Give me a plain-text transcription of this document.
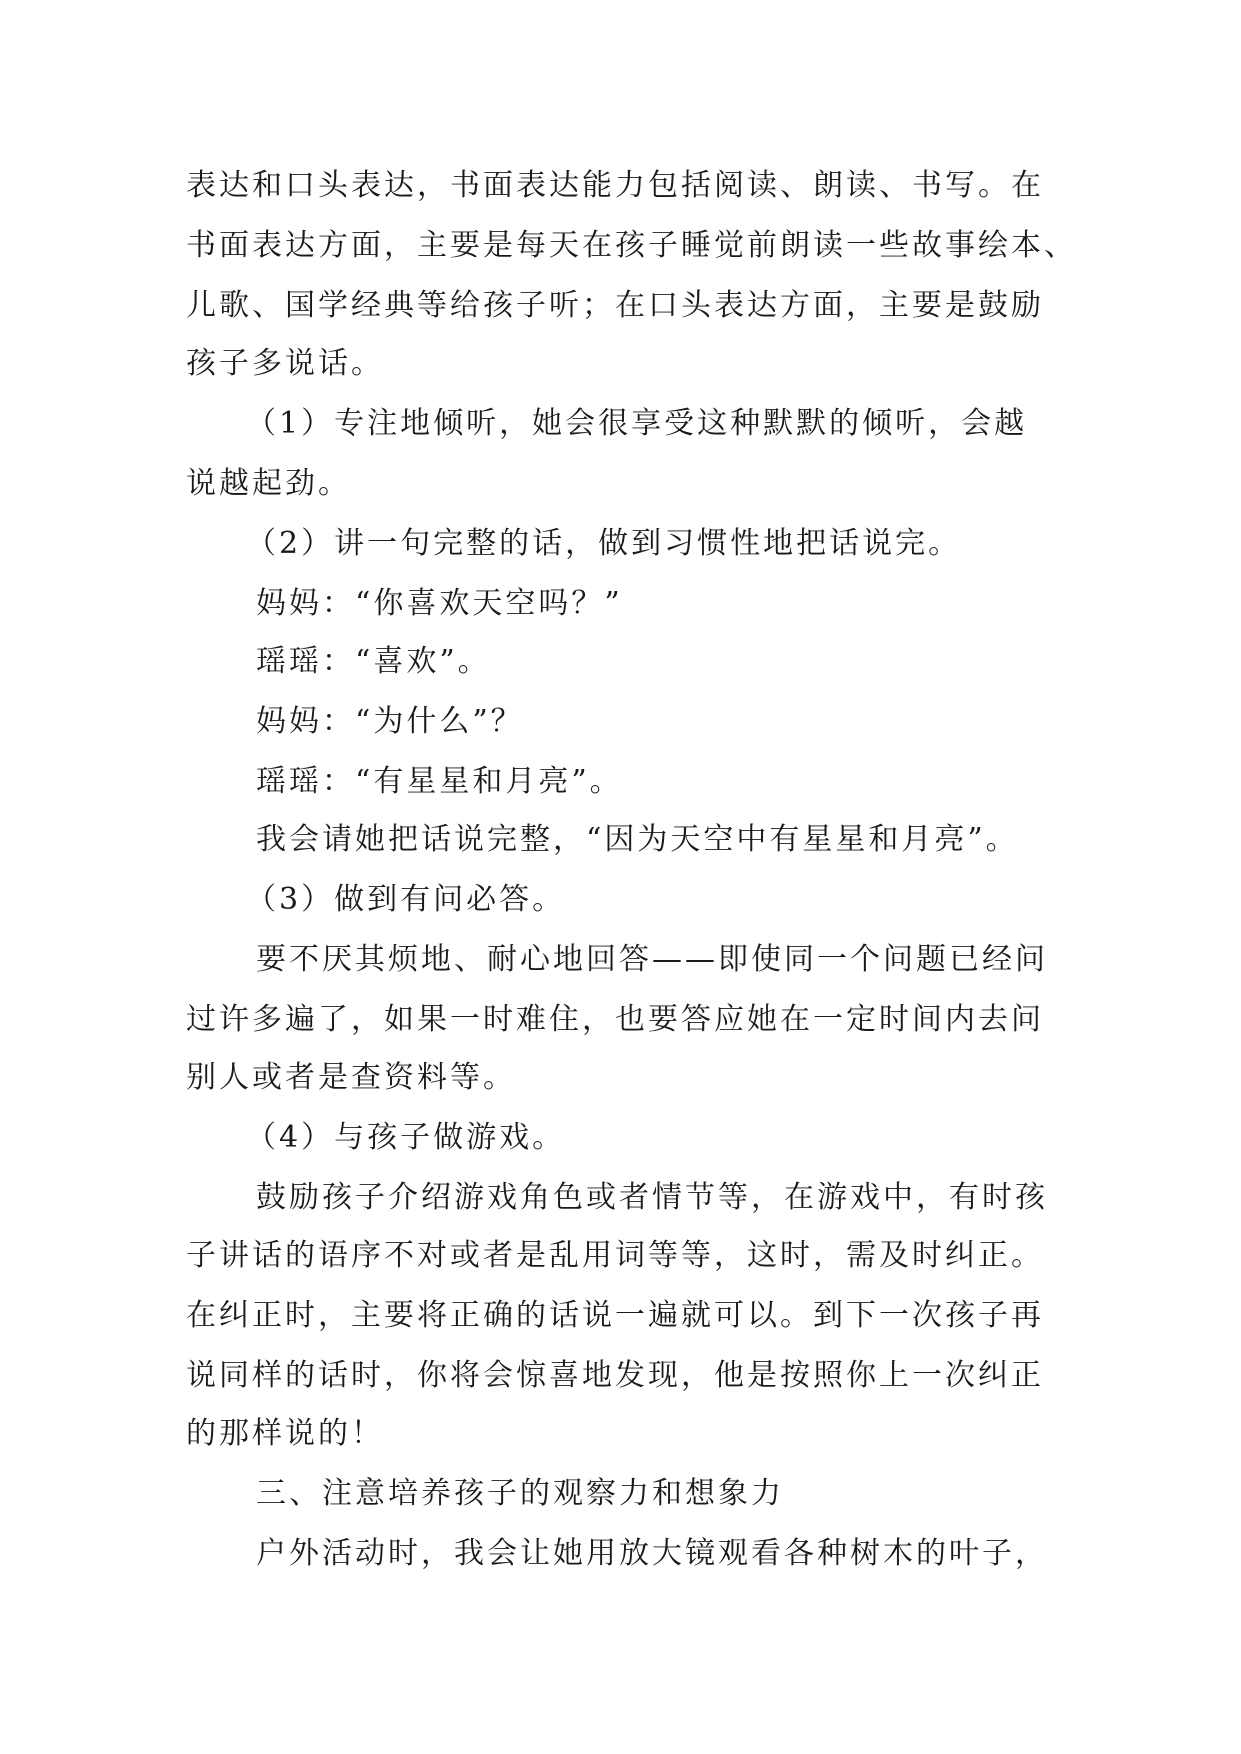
表达和口头表达，书面表达能力包括阅读、朗读、书写。在
书面表达方面，主要是每天在孩子睡觉前朗读一些故事绘本、
儿歌、国学经典等给孩子听；在口头表达方面，主要是鼓励
孩子多说话。
（1）专注地倾听，她会很享受这种默默的倾听，会越
说越起劲。
（2）讲一句完整的话，做到习惯性地把话说完。
妈妈：“你喜欢天空吗？”
瑶瑶：“喜欢”。
妈妈：“为什么”？
瑶瑶：“有星星和月亮”。
我会请她把话说完整，“因为天空中有星星和月亮”。
（3）做到有问必答。
要不厌其烦地、耐心地回答——即使同一个问题已经问
过许多遍了，如果一时难住，也要答应她在一定时间内去问
别人或者是查资料等。
（4）与孩子做游戏。
鼓励孩子介绍游戏角色或者情节等，在游戏中，有时孩
子讲话的语序不对或者是乱用词等等，这时，需及时纠正。
在纠正时，主要将正确的话说一遍就可以。到下一次孩子再
说同样的话时，你将会惊喜地发现，他是按照你上一次纠正
的那样说的！
三、注意培养孩子的观察力和想象力
户外活动时，我会让她用放大镜观看各种树木的叶子，
